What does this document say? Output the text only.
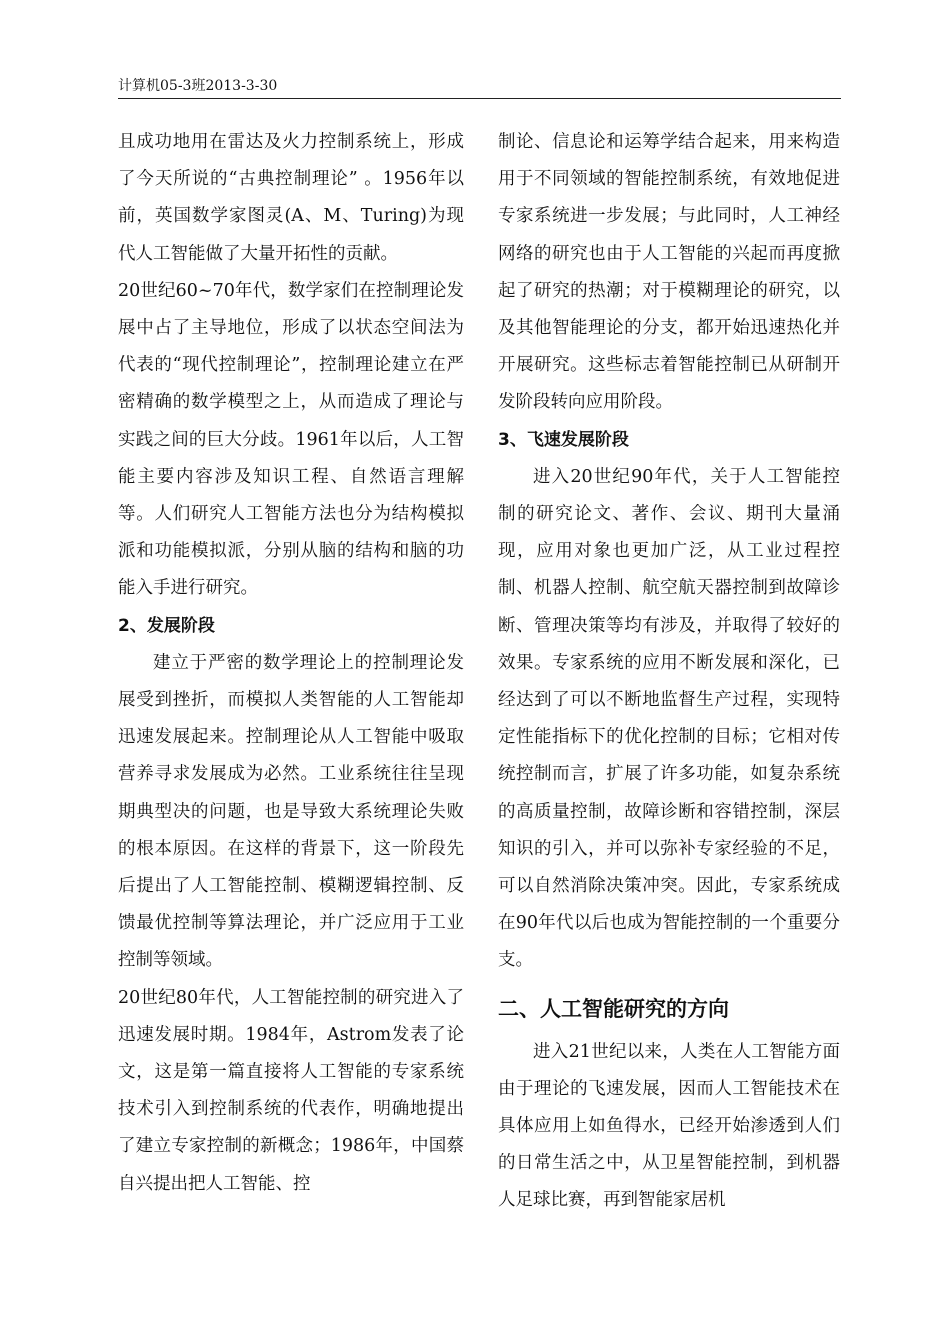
计算机05-3班2013-3-30

且成功地用在雷达及火力控制系统上，形成了今天所说的“古典控制理论” 。1956年以前，英国数学家图灵(A、M、Turing)为现代人工智能做了大量开拓性的贡献。

20世纪60~70年代，数学家们在控制理论发展中占了主导地位，形成了以状态空间法为代表的“现代控制理论”，控制理论建立在严密精确的数学模型之上，从而造成了理论与实践之间的巨大分歧。1961年以后，人工智能主要内容涉及知识工程、自然语言理解等。人们研究人工智能方法也分为结构模拟派和功能模拟派，分别从脑的结构和脑的功能入手进行研究。

2、发展阶段

建立于严密的数学理论上的控制理论发展受到挫折，而模拟人类智能的人工智能却迅速发展起来。控制理论从人工智能中吸取营养寻求发展成为必然。工业系统往往呈现期典型决的问题，也是导致大系统理论失败的根本原因。在这样的背景下，这一阶段先后提出了人工智能控制、模糊逻辑控制、反馈最优控制等算法理论，并广泛应用于工业控制等领域。

20世纪80年代，人工智能控制的研究进入了迅速发展时期。1984年，Astrom发表了论文，这是第一篇直接将人工智能的专家系统技术引入到控制系统的代表作，明确地提出了建立专家控制的新概念；1986年，中国蔡自兴提出把人工智能、控

制论、信息论和运筹学结合起来，用来构造用于不同领域的智能控制系统，有效地促进专家系统进一步发展；与此同时，人工神经网络的研究也由于人工智能的兴起而再度掀起了研究的热潮；对于模糊理论的研究，以及其他智能理论的分支，都开始迅速热化并开展研究。这些标志着智能控制已从研制开发阶段转向应用阶段。

3、飞速发展阶段

进入20世纪90年代，关于人工智能控制的研究论文、著作、会议、期刊大量涌现，应用对象也更加广泛，从工业过程控制、机器人控制、航空航天器控制到故障诊断、管理决策等均有涉及，并取得了较好的效果。专家系统的应用不断发展和深化，已经达到了可以不断地监督生产过程，实现特定性能指标下的优化控制的目标；它相对传统控制而言，扩展了许多功能，如复杂系统的高质量控制，故障诊断和容错控制，深层知识的引入，并可以弥补专家经验的不足，可以自然消除决策冲突。因此，专家系统成在90年代以后也成为智能控制的一个重要分支。

二、人工智能研究的方向

进入21世纪以来，人类在人工智能方面由于理论的飞速发展，因而人工智能技术在具体应用上如鱼得水，已经开始渗透到人们的日常生活之中，从卫星智能控制，到机器人足球比赛，再到智能家居机
